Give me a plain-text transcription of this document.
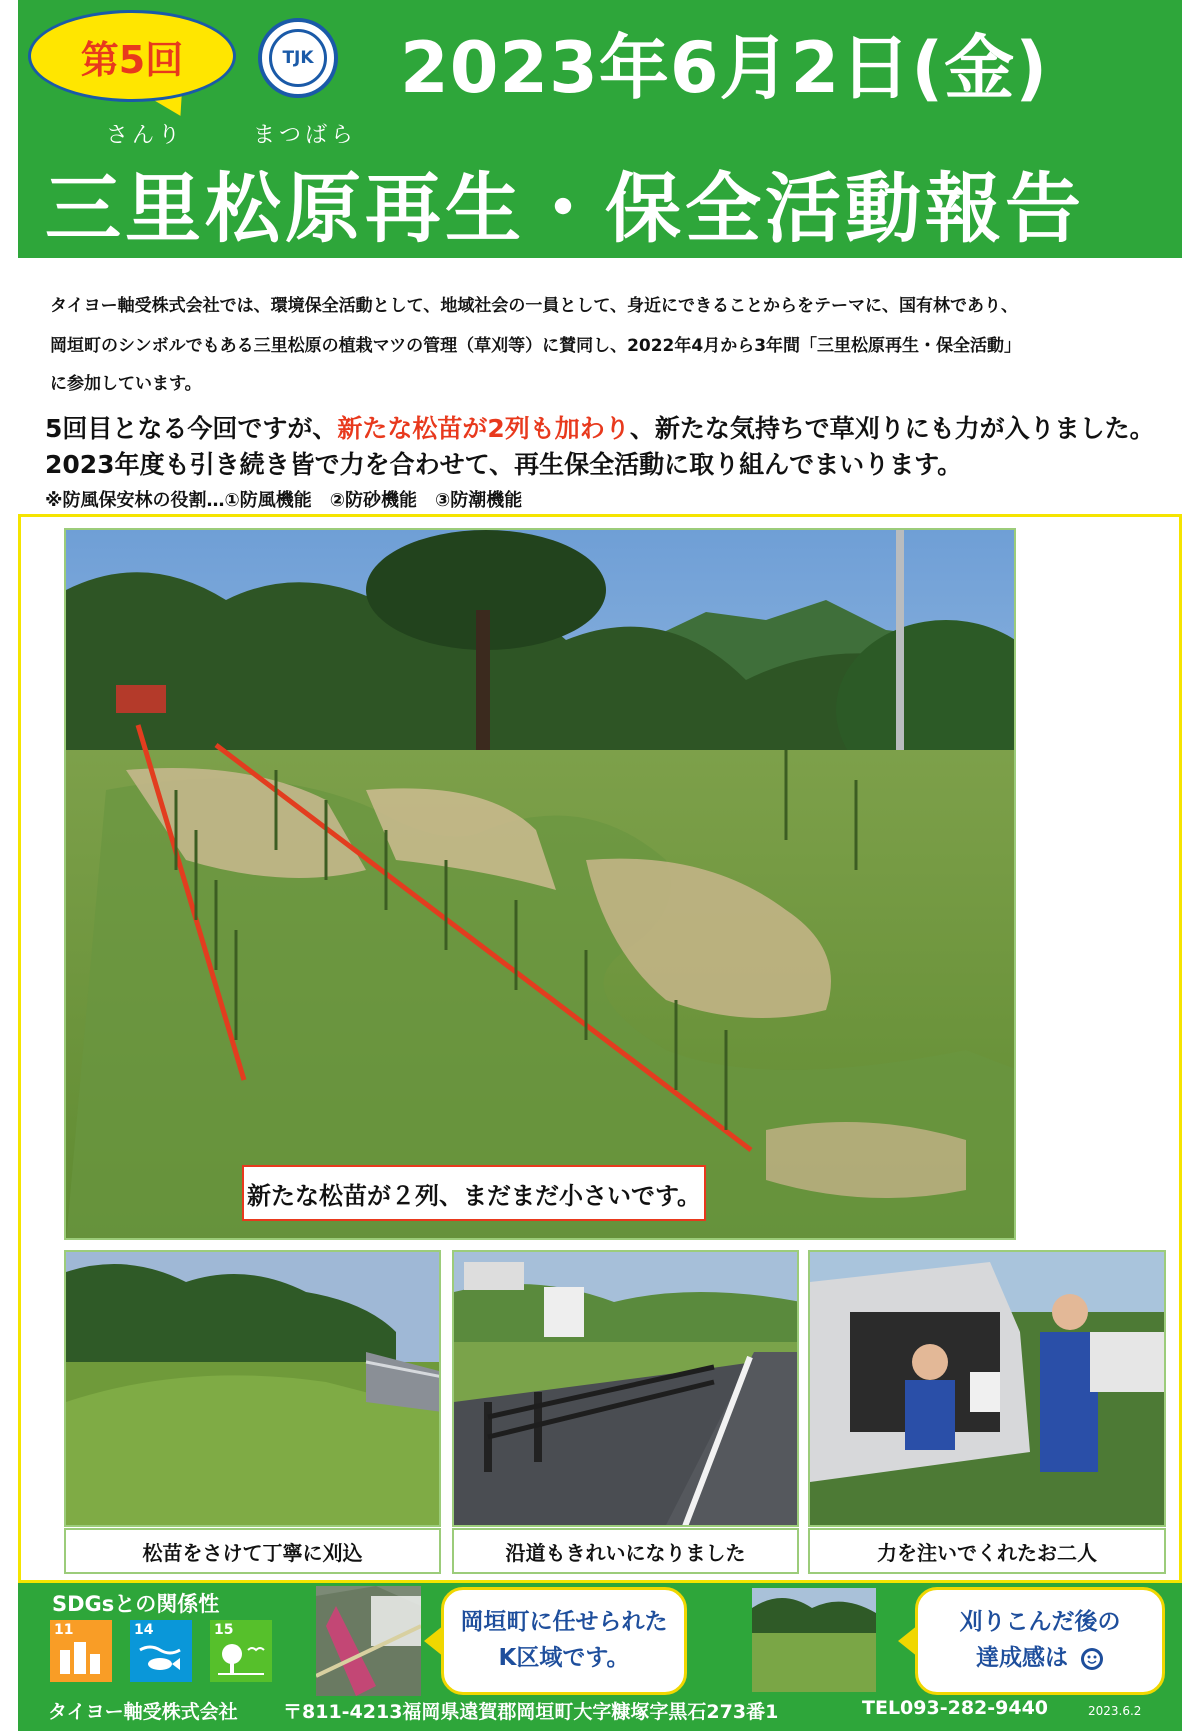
第5回	TJK 2023年6月2日(金)
さんり	まつばら
三里松原再生・保全活動報告
タイヨー軸受株式会社では、環境保全活動として、地域社会の一員として、身近にできることからをテーマに、国有林であり、
岡垣町のシンボルでもある三里松原の植栽マツの管理（草刈等）に賛同し、2022年4月から3年間「三里松原再生・保全活動」
に参加しています。
5回目となる今回ですが、新たな松苗が2列も加わり、新たな気持ちで草刈りにも力が入りました。
2023年度も引き続き皆で力を合わせて、再生保全活動に取り組んでまいります。
※防風保安林の役割…①防風機能　②防砂機能　③防潮機能
新たな松苗が２列、まだまだ小さいです。
松苗をさけて丁寧に刈込	沿道もきれいになりました	力を注いでくれたお二人
SDGsとの関係性
11	14	15	岡垣町に任せられた
K区域です。
刈りこんだ後の
達成感は
タイヨー軸受株式会社 〒811-4213福岡県遠賀郡岡垣町大字糠塚字黒石273番1	TEL093-282-9440	2023.6.2
